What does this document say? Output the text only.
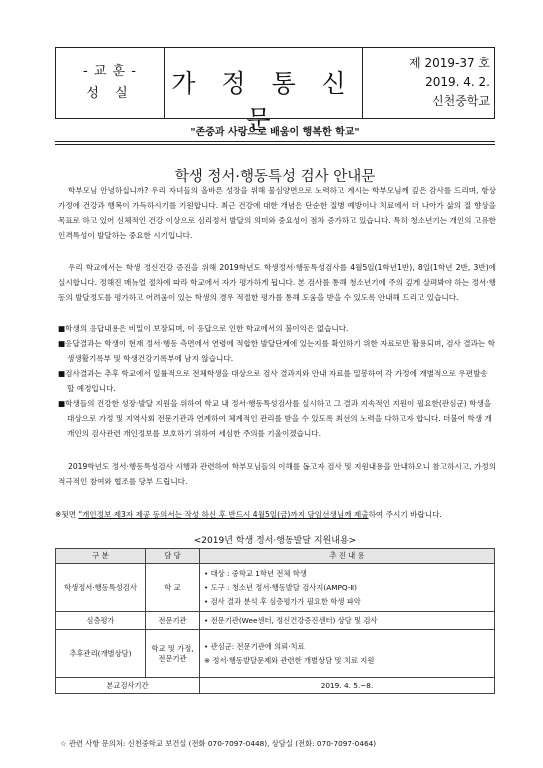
- 교 훈 -
성 실	가 정 통 신 문
제 2019-37 호
2019. 4. 2.
신천중학교
"존중과 사랑으로 배움이 행복한 학교"
학생 정서·행동특성 검사 안내문
학부모님 안녕하십니까? 우리 자녀들의 올바른 성장을 위해 물심양면으로 노력하고 계시는 학부모님께 깊은 감사를 드리며, 항상 가정에 건강과 행복이 가득하시기를 기원합니다. 최근 건강에 대한 개념은 단순한 질병 예방이나 치료에서 더 나아가 삶의 질 향상을 목표로 하고 있어 신체적인 건강 이상으로 심리정서 발달의 의미와 중요성이 점차 증가하고 있습니다. 특히 청소년기는 개인의 고유한 인격특성이 발달하는 중요한 시기입니다.
우리 학교에서는 학생 정신건강 증진을 위해 2019학년도 학생정서·행동특성검사를 4월5일(1학년1반), 8일(1학년 2반, 3반)에 실시합니다. 정해진 매뉴얼 절차에 따라 학교에서 자가 평가하게 됩니다. 본 검사를 통해 청소년기에 주의 깊게 살펴봐야 하는 정서·행동의 발달정도를 평가하고 어려움이 있는 학생의 경우 적절한 평가를 통해 도움을 받을 수 있도록 안내해 드리고 있습니다.

■학생의 응답내용은 비밀이 보장되며, 이 응답으로 인한 학교에서의 불이익은 없습니다.

■응답결과는 학생이 현재 정서·행동 측면에서 연령에 적합한 발달단계에 있는지를 확인하기 위한 자료로만 활용되며, 검사 결과는 학생생활기록부 및 학생건강기록부에 남지 않습니다.

■검사결과는 추후 학교에서 일률적으로 전체학생을 대상으로 검사 결과지와 안내 자료를 밀봉하여 각 가정에 개별적으로 우편발송 할 예정입니다.

■학생들의 건강한 성장·발달 지원을 위하여 학교 내 정서·행동특성검사를 실시하고 그 결과 지속적인 지원이 필요한(관심군) 학생을 대상으로 가정 및 지역사회 전문기관과 연계하여 체계적인 관리를 받을 수 있도록 최선의 노력을 다하고자 합니다. 더불어 학생 개개인의 검사관련 개인정보를 보호하기 위하여 세심한 주의를 기울이겠습니다.

2019학년도 정서·행동특성검사 시행과 관련하여 학부모님들의 이해를 돕고자 검사 및 지원내용을 안내하오니 참고하시고, 가정의 적극적인 참여와 협조를 당부 드립니다.
※뒷면 "개인정보 제3자 제공 동의서는 작성 하신 후 반드시 4월5일(금)까지 담임선생님께 제출하여 주시기 바랍니다.
<2019년 학생 정서·행동발달 지원내용>
구 분	담 당	추 진 내 용
학생정서·행동특성검사	학 교	• 대상 : 중학교 1학년 전체 학생
• 도구 : 청소년 정서·행동발달 검사지(AMPQ-Ⅱ)
• 검사 결과 분석 후 심층평가가 필요한 학생 파악

심층평가	전문기관	• 전문기관(Wee센터, 정신건강증진센터) 상담 및 검사

추후관리(개별상담)	학교 및 가정, 전문기관	• 관심군: 전문기관에 의뢰·치료
※ 정서·행동발달문제와 관련한 개별상담 및 치료 지원

본교검사기간		2019. 4. 5.~8.
☆ 관련 사항 문의처: 신천중학교 보건실 (전화 070-7097-0448), 상담실 (전화: 070-7097-0464)
